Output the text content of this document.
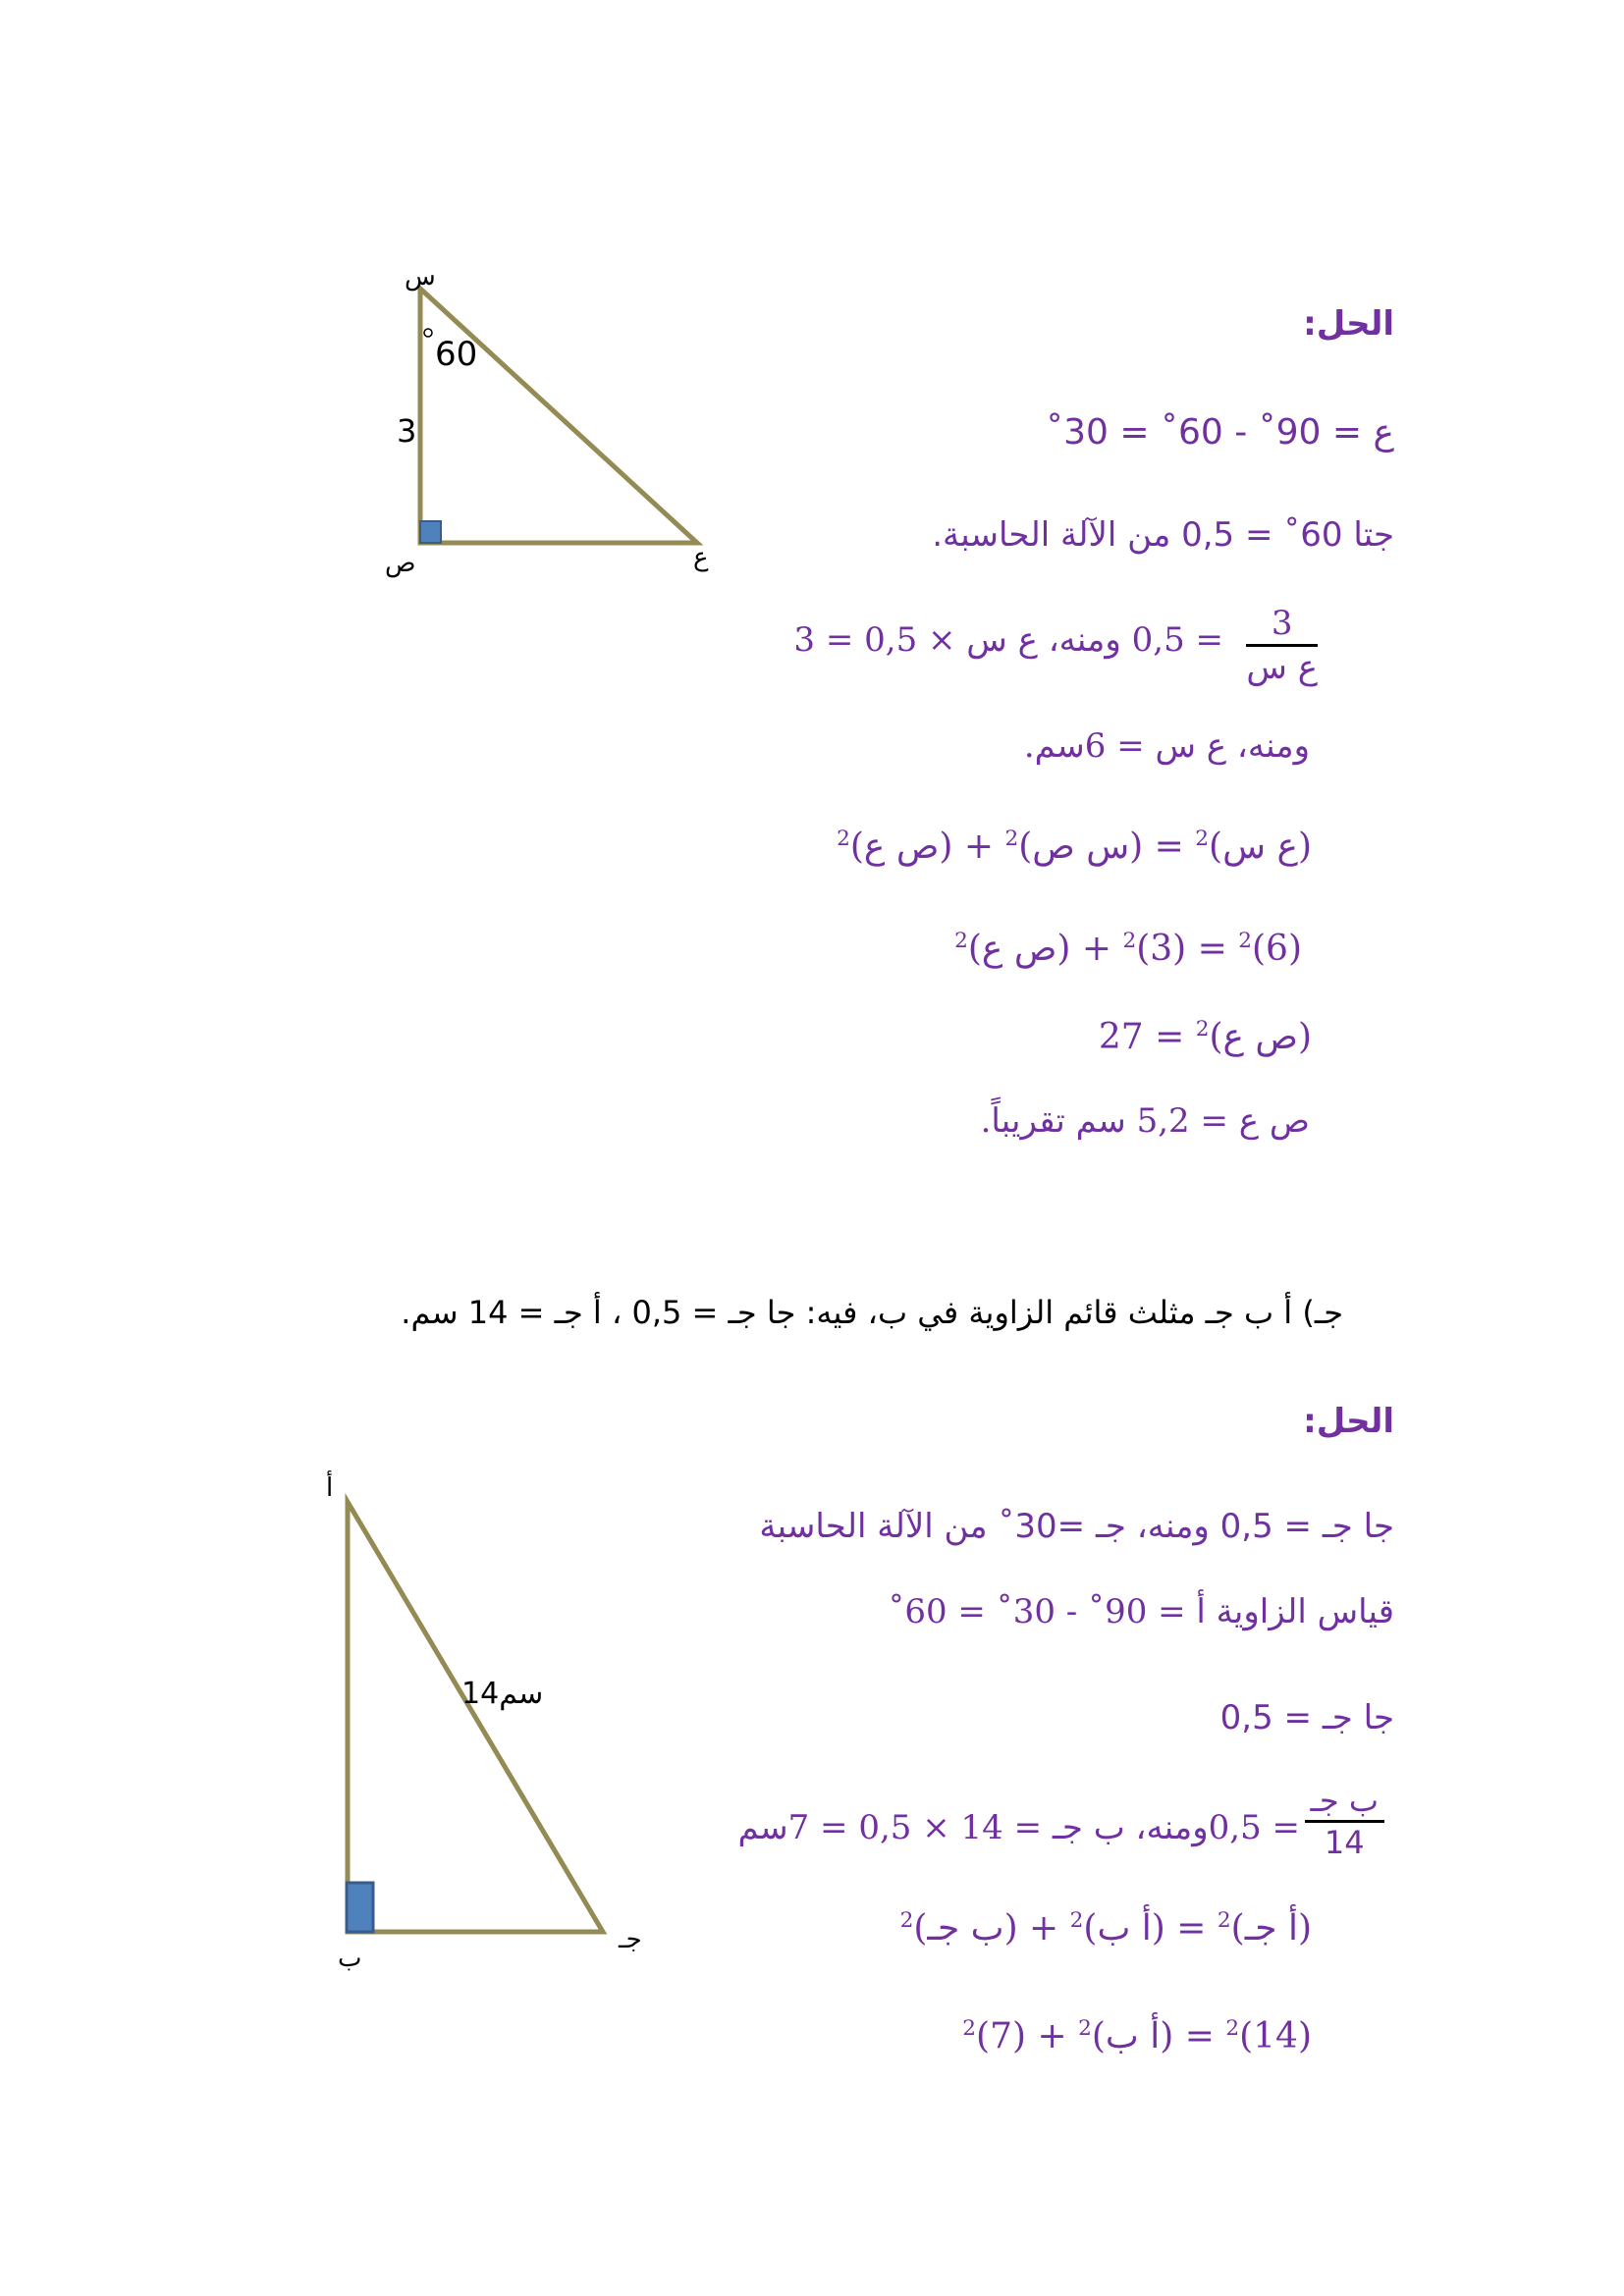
س
ص	ع
60
3
أ
ب
جـ
14سم
الحل:
ع = 90˚ - 60˚ = 30˚
جتا 60˚ = 0,5 من الآلة الحاسبة.
3
ع س
= 0,5 ومنه، ع س × 0,5 = 3
ومنه، ع س = 6سم.
(ع س)$^2$ = (س ص)$^2$ + (ص ع)$^2$
$(6)^2 = (3)^2$ + (ص ع)$^2$
(ص ع)$^2$ = 27
ص ع = 5,2 سم تقريباً.
جـ) أ ب جـ مثلث قائم الزاوية في ب، فيه: جا جـ = 0,5 ، أ جـ = 14 سم.
الحل:
جا جـ = 0,5 ومنه، جـ =30˚ من الآلة الحاسبة
قياس الزاوية أ = 90˚ - 30˚ = 60˚
جا جـ = 0,5
ب جـ
14
= 0,5ومنه، ب جـ = 14 × 0,5 = 7سم
(أ جـ)$^2$ = (أ ب)$^2$ + (ب جـ)$^2$
$(14)^2$ = (أ ب)$^2$ + $(7)^2$
